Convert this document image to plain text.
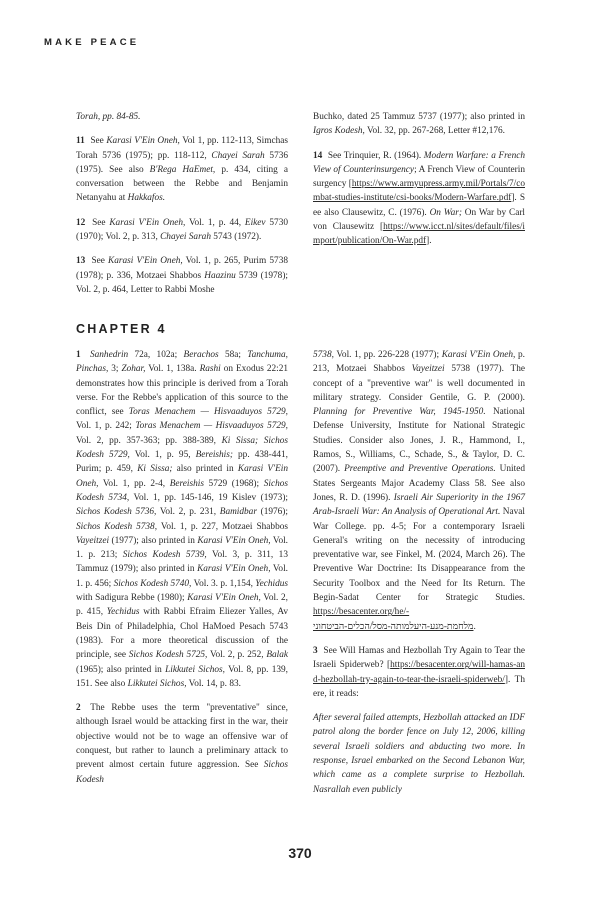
MAKE PEACE

Torah, pp. 84-85.

11 See Karasi V'Ein Oneh, Vol 1, pp. 112-113, Simchas Torah 5736 (1975); pp. 118-112, Chayei Sarah 5736 (1975). See also B'Rega HaEmet, p. 434, citing a conversation between the Rebbe and Benjamin Netanyahu at Hakkafos.

12 See Karasi V'Ein Oneh, Vol. 1, p. 44, Eikev 5730 (1970); Vol. 2, p. 313, Chayei Sarah 5743 (1972).

13 See Karasi V'Ein Oneh, Vol. 1, p. 265, Purim 5738 (1978); p. 336, Motzaei Shabbos Haazinu 5739 (1978); Vol. 2, p. 464, Letter to Rabbi Moshe

Buchko, dated 25 Tammuz 5737 (1977); also printed in Igros Kodesh, Vol. 32, pp. 267-268, Letter #12,176.

14 See Trinquier, R. (1964). Modern Warfare: a French View of Counterinsurgency; A French View of Counterinsurgency [https://www.armyupress.army.mil/Portals/7/combat-studies-institute/csi-books/Modern-Warfare.pdf]. See also Clausewitz, C. (1976). On War; On War by Carl von Clausewitz [https://www.icct.nl/sites/default/files/import/publication/On-War.pdf].

CHAPTER 4

1 Sanhedrin 72a, 102a; Berachos 58a; Tanchuma, Pinchas, 3; Zohar, Vol. 1, 138a. Rashi on Exodus 22:21 demonstrates how this principle is derived from a Torah verse. For the Rebbe's application of this source to the conflict, see Toras Menachem — Hisvaaduyos 5729, Vol. 1, p. 242; Toras Menachem — Hisvaaduyos 5729, Vol. 2, pp. 357-363; pp. 388-389, Ki Sissa; Sichos Kodesh 5729, Vol. 1, p. 95, Bereishis; pp. 438-441, Purim; p. 459, Ki Sissa; also printed in Karasi V'Ein Oneh, Vol. 1, pp. 2-4, Bereishis 5729 (1968); Sichos Kodesh 5734, Vol. 1, pp. 145-146, 19 Kislev (1973); Sichos Kodesh 5736, Vol. 2, p. 231, Bamidbar (1976); Sichos Kodesh 5738, Vol. 1, p. 227, Motzaei Shabbos Vayeitzei (1977); also printed in Karasi V'Ein Oneh, Vol. 1. p. 213; Sichos Kodesh 5739, Vol. 3, p. 311, 13 Tammuz (1979); also printed in Karasi V'Ein Oneh, Vol. 1. p. 456; Sichos Kodesh 5740, Vol. 3. p. 1,154, Yechidus with Sadigura Rebbe (1980); Karasi V'Ein Oneh, Vol. 2, p. 415, Yechidus with Rabbi Efraim Eliezer Yalles, Av Beis Din of Philadelphia, Chol HaMoed Pesach 5743 (1983). For a more theoretical discussion of the principle, see Sichos Kodesh 5725, Vol. 2, p. 252, Balak (1965); also printed in Likkutei Sichos, Vol. 8, pp. 139, 151. See also Likkutei Sichos, Vol. 14, p. 83.

2 The Rebbe uses the term "preventative" since, although Israel would be attacking first in the war, their objective would not be to wage an offensive war of conquest, but rather to launch a preliminary attack to prevent almost certain future aggression. See Sichos Kodesh

5738, Vol. 1, pp. 226-228 (1977); Karasi V'Ein Oneh, p. 213, Motzaei Shabbos Vayeitzei 5738 (1977). The concept of a "preventive war" is well documented in military strategy. Consider Gentile, G. P. (2000). Planning for Preventive War, 1945-1950. National Defense University, Institute for National Strategic Studies. Consider also Jones, J. R., Hammond, I., Ramos, S., Williams, C., Schade, S., & Taylor, D. C. (2007). Preemptive and Preventive Operations. United States Sergeants Major Academy Class 58. See also Jones, R. D. (1996). Israeli Air Superiority in the 1967 Arab-Israeli War: An Analysis of Operational Art. Naval War College. pp. 4-5; For a contemporary Israeli General's writing on the necessity of introducing preventative war, see Finkel, M. (2024, March 26). The Preventive War Doctrine: Its Disappearance from the Security Toolbox and the Need for Its Return. The Begin-Sadat Center for Strategic Studies. https://besacenter.org/he/-מלחמת-מנע-היעלמותה-מסל/הכלים-הביטחוני.

3 See Will Hamas and Hezbollah Try Again to Tear the Israeli Spiderweb? [https://besacenter.org/will-hamas-and-hezbollah-try-again-to-tear-the-israeli-spiderweb/]. There, it reads:

After several failed attempts, Hezbollah attacked an IDF patrol along the border fence on July 12, 2006, killing several Israeli soldiers and abducting two more. In response, Israel embarked on the Second Lebanon War, which came as a complete surprise to Hezbollah. Nasrallah even publicly

370
